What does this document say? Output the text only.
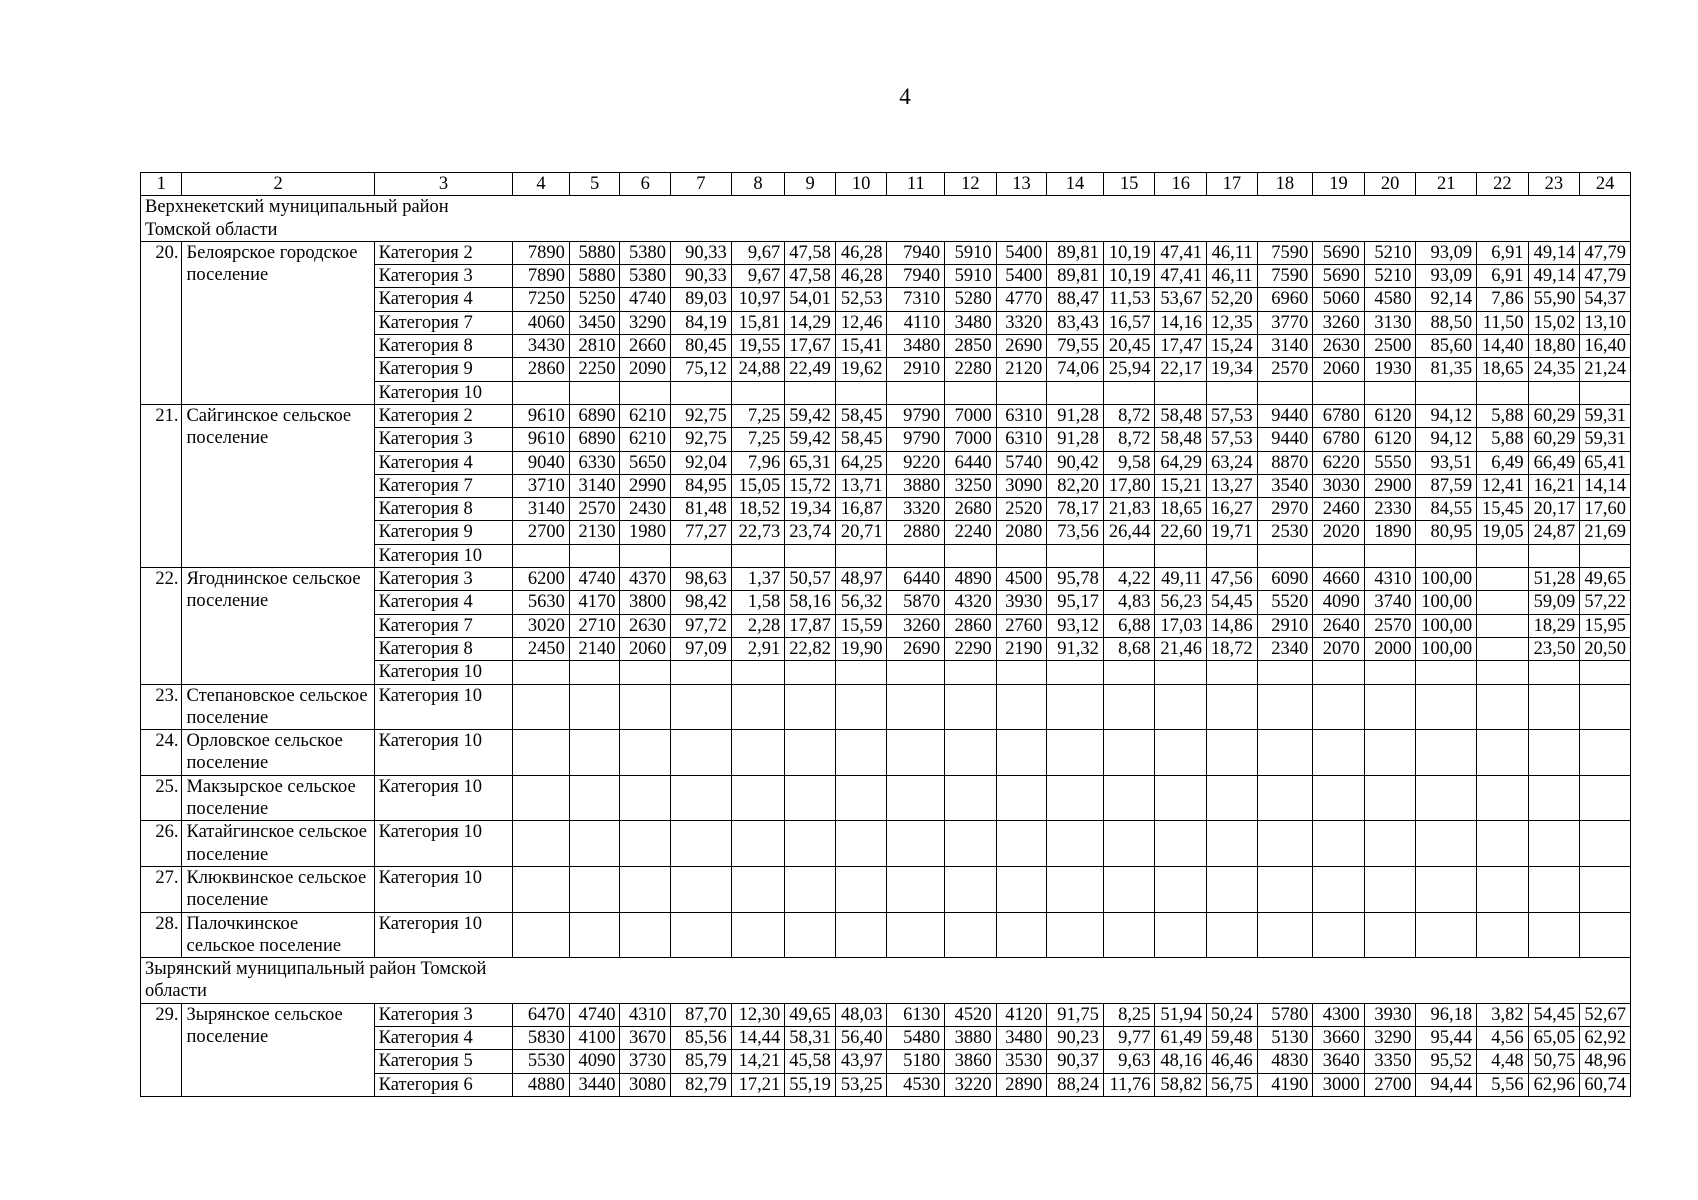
4
1	2	3	4	5	6	7	8	9	10	11	12	13	14	15	16	17	18	19	20	21	22	23	24
Верхнекетский муниципальный район Томской области																							
20.	Белоярское городское поселение	Категория 2	7890	5880	5380	90,33	9,67	47,58	46,28	7940	5910	5400	89,81	10,19	47,41	46,11	7590	5690	5210	93,09	6,91	49,14	47,79
		Категория 3	7890	5880	5380	90,33	9,67	47,58	46,28	7940	5910	5400	89,81	10,19	47,41	46,11	7590	5690	5210	93,09	6,91	49,14	47,79
		Категория 4	7250	5250	4740	89,03	10,97	54,01	52,53	7310	5280	4770	88,47	11,53	53,67	52,20	6960	5060	4580	92,14	7,86	55,90	54,37
		Категория 7	4060	3450	3290	84,19	15,81	14,29	12,46	4110	3480	3320	83,43	16,57	14,16	12,35	3770	3260	3130	88,50	11,50	15,02	13,10
		Категория 8	3430	2810	2660	80,45	19,55	17,67	15,41	3480	2850	2690	79,55	20,45	17,47	15,24	3140	2630	2500	85,60	14,40	18,80	16,40
		Категория 9	2860	2250	2090	75,12	24,88	22,49	19,62	2910	2280	2120	74,06	25,94	22,17	19,34	2570	2060	1930	81,35	18,65	24,35	21,24
		Категория 10																					
21.	Сайгинское сельское поселение	Категория 2	9610	6890	6210	92,75	7,25	59,42	58,45	9790	7000	6310	91,28	8,72	58,48	57,53	9440	6780	6120	94,12	5,88	60,29	59,31
		Категория 3	9610	6890	6210	92,75	7,25	59,42	58,45	9790	7000	6310	91,28	8,72	58,48	57,53	9440	6780	6120	94,12	5,88	60,29	59,31
		Категория 4	9040	6330	5650	92,04	7,96	65,31	64,25	9220	6440	5740	90,42	9,58	64,29	63,24	8870	6220	5550	93,51	6,49	66,49	65,41
		Категория 7	3710	3140	2990	84,95	15,05	15,72	13,71	3880	3250	3090	82,20	17,80	15,21	13,27	3540	3030	2900	87,59	12,41	16,21	14,14
		Категория 8	3140	2570	2430	81,48	18,52	19,34	16,87	3320	2680	2520	78,17	21,83	18,65	16,27	2970	2460	2330	84,55	15,45	20,17	17,60
		Категория 9	2700	2130	1980	77,27	22,73	23,74	20,71	2880	2240	2080	73,56	26,44	22,60	19,71	2530	2020	1890	80,95	19,05	24,87	21,69
		Категория 10																					
22.	Ягоднинское сельское поселение	Категория 3	6200	4740	4370	98,63	1,37	50,57	48,97	6440	4890	4500	95,78	4,22	49,11	47,56	6090	4660	4310	100,00		51,28	49,65
		Категория 4	5630	4170	3800	98,42	1,58	58,16	56,32	5870	4320	3930	95,17	4,83	56,23	54,45	5520	4090	3740	100,00		59,09	57,22
		Категория 7	3020	2710	2630	97,72	2,28	17,87	15,59	3260	2860	2760	93,12	6,88	17,03	14,86	2910	2640	2570	100,00		18,29	15,95
		Категория 8	2450	2140	2060	97,09	2,91	22,82	19,90	2690	2290	2190	91,32	8,68	21,46	18,72	2340	2070	2000	100,00		23,50	20,50
		Категория 10																					
23.	Степановское сельское поселение	Категория 10																					
24.	Орловское сельское поселение	Категория 10																					
25.	Макзырское сельское поселение	Категория 10																					
26.	Катайгинское сельское поселение	Категория 10																					
27.	Клюквинское сельское поселение	Категория 10																					
28.	Палочкинское сельское поселение	Категория 10																					
Зырянский муниципальный район Томской области																							
29.	Зырянское сельское поселение	Категория 3	6470	4740	4310	87,70	12,30	49,65	48,03	6130	4520	4120	91,75	8,25	51,94	50,24	5780	4300	3930	96,18	3,82	54,45	52,67
		Категория 4	5830	4100	3670	85,56	14,44	58,31	56,40	5480	3880	3480	90,23	9,77	61,49	59,48	5130	3660	3290	95,44	4,56	65,05	62,92
		Категория 5	5530	4090	3730	85,79	14,21	45,58	43,97	5180	3860	3530	90,37	9,63	48,16	46,46	4830	3640	3350	95,52	4,48	50,75	48,96
		Категория 6	4880	3440	3080	82,79	17,21	55,19	53,25	4530	3220	2890	88,24	11,76	58,82	56,75	4190	3000	2700	94,44	5,56	62,96	60,74
